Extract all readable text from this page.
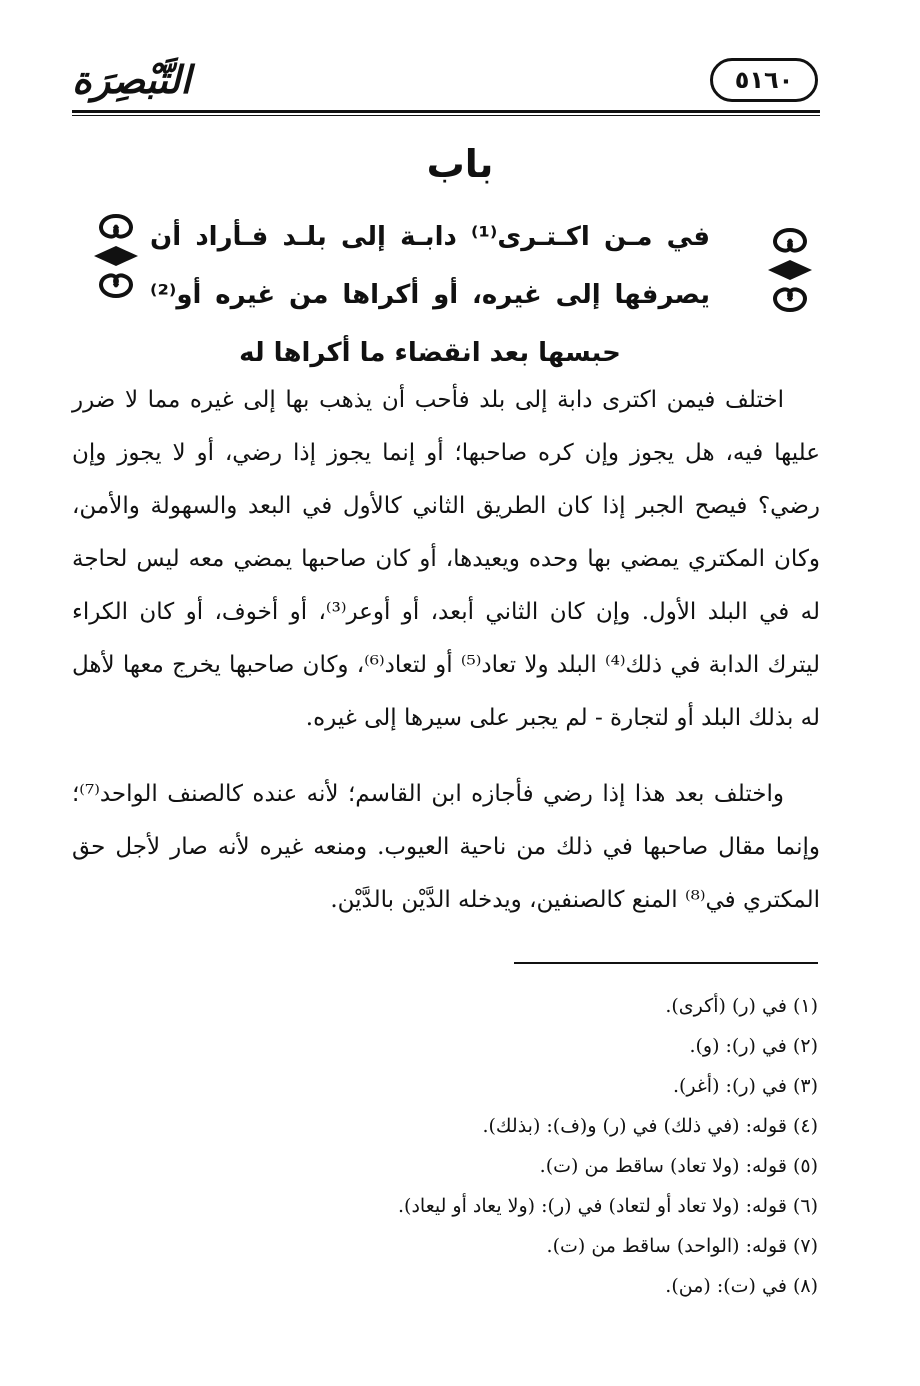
التَّبْصِرَة	٥١٦٠
باب
في مـن اكـتـرى⁽¹⁾ دابـة إلى بلـد فـأراد أن يصرفها إلى غيره، أو أكراها من غيره أو⁽²⁾ حبسها بعد انقضاء ما أكراها له
اختلف فيمن اكترى دابة إلى بلد فأحب أن يذهب بها إلى غيره مما لا ضرر عليها فيه، هل يجوز وإن كره صاحبها؛ أو إنما يجوز إذا رضي، أو لا يجوز وإن رضي؟ فيصح الجبر إذا كان الطريق الثاني كالأول في البعد والسهولة والأمن، وكان المكتري يمضي بها وحده ويعيدها، أو كان صاحبها يمضي معه ليس لحاجة له في البلد الأول. وإن كان الثاني أبعد، أو أوعر⁽³⁾، أو أخوف، أو كان الكراء ليترك الدابة في ذلك⁽⁴⁾ البلد ولا تعاد⁽⁵⁾ أو لتعاد⁽⁶⁾، وكان صاحبها يخرج معها لأهل له بذلك البلد أو لتجارة - لم يجبر على سيرها إلى غيره.
واختلف بعد هذا إذا رضي فأجازه ابن القاسم؛ لأنه عنده كالصنف الواحد⁽⁷⁾؛ وإنما مقال صاحبها في ذلك من ناحية العيوب. ومنعه غيره لأنه صار لأجل حق المكتري في⁽⁸⁾ المنع كالصنفين، ويدخله الدَّيْن بالدَّيْن.
(١) في (ر) (أكرى).
(٢) في (ر): (و).
(٣) في (ر): (أغر).
(٤) قوله: (في ذلك) في (ر) و(ف): (بذلك).
(٥) قوله: (ولا تعاد) ساقط من (ت).
(٦) قوله: (ولا تعاد أو لتعاد) في (ر): (ولا يعاد أو ليعاد).
(٧) قوله: (الواحد) ساقط من (ت).
(٨) في (ت): (من).
